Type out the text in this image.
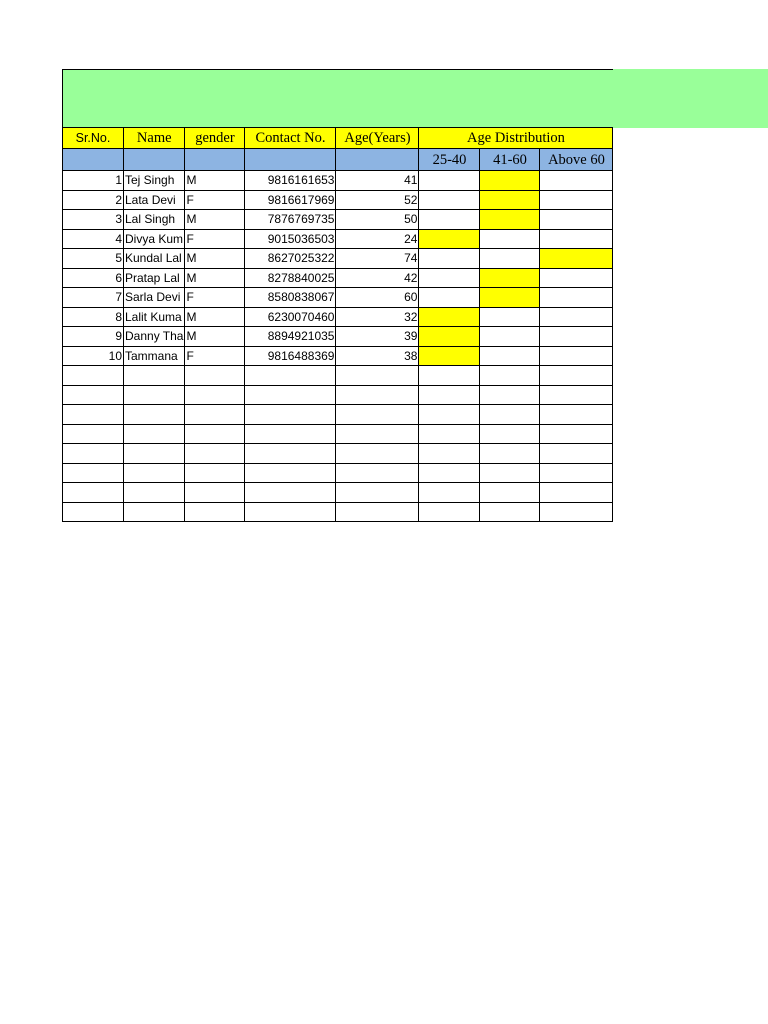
Sr.No.	Name	gender	Contact No.	Age(Years)	Age Distribution		
					25-40	41-60	Above 60
1	Tej Singh	M	9816161653	41			
2	Lata Devi	F	9816617969	52			
3	Lal Singh	M	7876769735	50			
4	Divya Kum	F	9015036503	24			
5	Kundal Lal	M	8627025322	74			
6	Pratap Lal	M	8278840025	42			
7	Sarla Devi	F	8580838067	60			
8	Lalit Kuma	M	6230070460	32			
9	Danny Tha	M	8894921035	39			
10	Tammana	F	9816488369	38			
